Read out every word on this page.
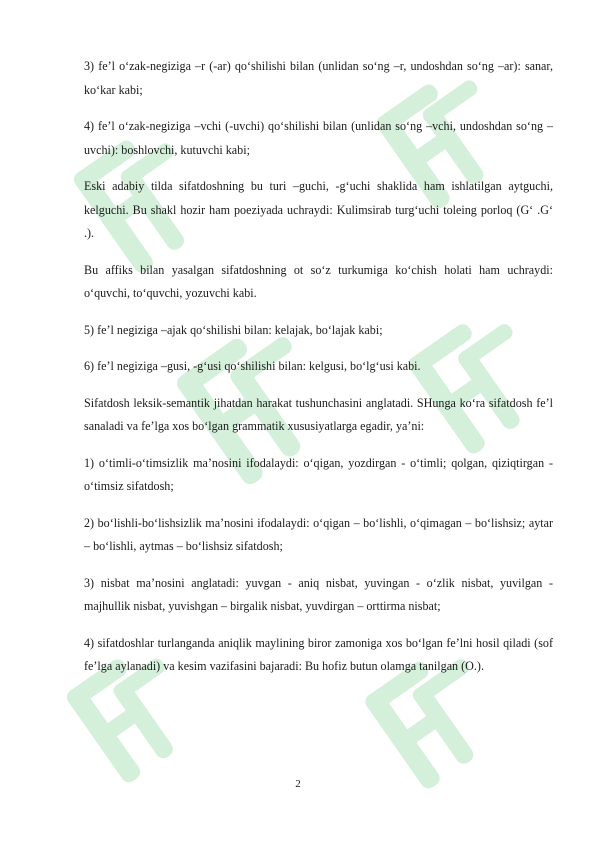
3) fe’l o‘zak-negiziga –r (-ar) qo‘shilishi bilan (unlidan so‘ng –r, undoshdan so‘ng –ar): sanar, ko‘kar kabi;

4) fe’l o‘zak-negiziga –vchi (-uvchi) qo‘shilishi bilan (unlidan so‘ng –vchi, undoshdan so‘ng –uvchi): boshlovchi, kutuvchi kabi;

Eski adabiy tilda sifatdoshning bu turi –guchi, -g‘uchi shaklida ham ishlatilgan aytguchi, kelguchi. Bu shakl hozir ham poeziyada uchraydi: Kulimsirab turg‘uchi toleing porloq (G‘ .G‘ .).

Bu affiks bilan yasalgan sifatdoshning ot so‘z turkumiga ko‘chish holati ham uchraydi: o‘quvchi, to‘quvchi, yozuvchi kabi.

5) fe’l negiziga –ajak qo‘shilishi bilan: kelajak, bo‘lajak kabi;

6) fe’l negiziga –gusi, -g‘usi qo‘shilishi bilan: kelgusi, bo‘lg‘usi kabi.

Sifatdosh leksik-semantik jihatdan harakat tushunchasini anglatadi. SHunga ko‘ra sifatdosh fe’l sanaladi va fe’lga xos bo‘lgan grammatik xususiyatlarga egadir, ya’ni:

1) o‘timli-o‘timsizlik ma’nosini ifodalaydi: o‘qigan, yozdirgan - o‘timli; qolgan, qiziqtirgan - o‘timsiz sifatdosh;

2) bo‘lishli-bo‘lishsizlik ma’nosini ifodalaydi: o‘qigan – bo‘lishli, o‘qimagan – bo‘lishsiz; aytar – bo‘lishli, aytmas – bo‘lishsiz sifatdosh;

3) nisbat ma’nosini anglatadi: yuvgan - aniq nisbat, yuvingan - o‘zlik nisbat, yuvilgan - majhullik nisbat, yuvishgan – birgalik nisbat, yuvdirgan – orttirma nisbat;

4) sifatdoshlar turlanganda aniqlik maylining biror zamoniga xos bo‘lgan fe’lni hosil qiladi (sof fe’lga aylanadi) va kesim vazifasini bajaradi: Bu hofiz butun olamga tanilgan (O.).

2
